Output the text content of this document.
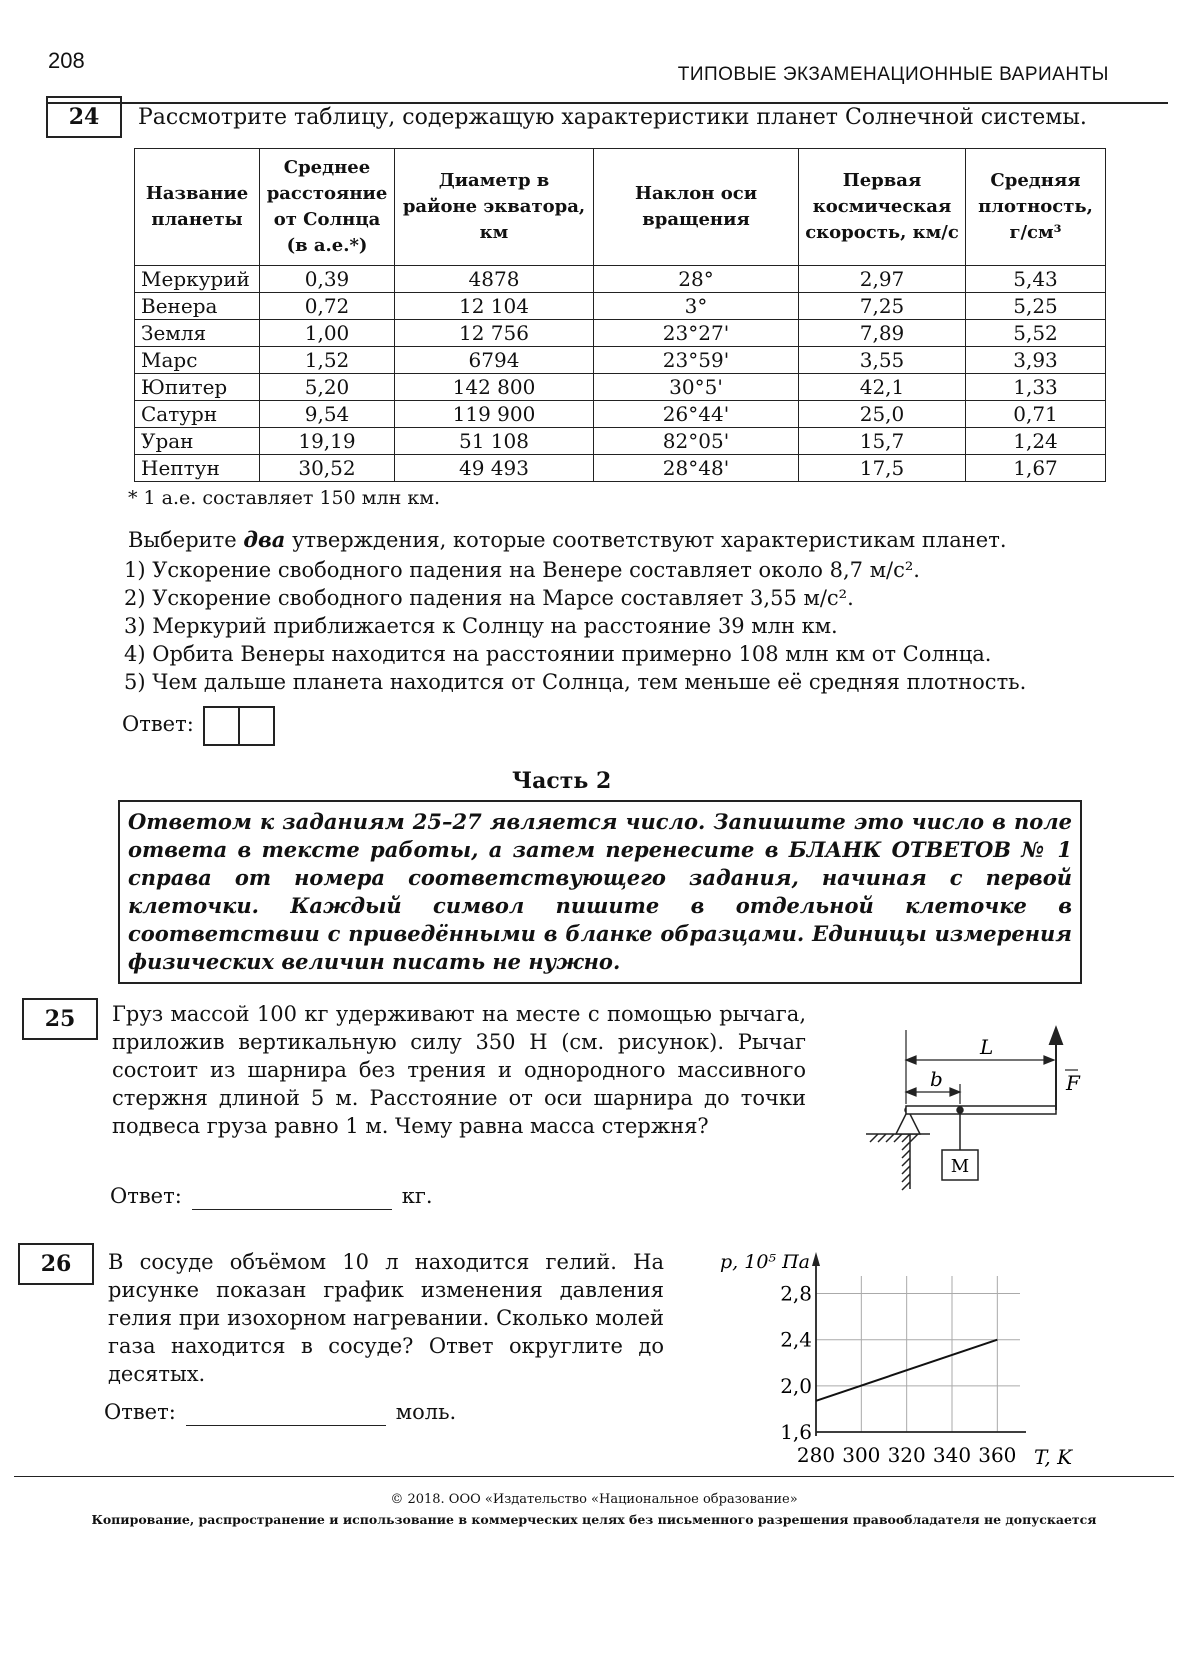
208
ТИПОВЫЕ ЭКЗАМЕНАЦИОННЫЕ ВАРИАНТЫ
24	Рассмотрите таблицу, содержащую характеристики планет Солнечной системы.
Название планеты	Среднее расстояние от Солнца (в а.е.*)	Диаметр в районе экватора, км	Наклон оси вращения	Первая космическая скорость, км/с	Средняя плотность, г/см³
Меркурий	0,39	4878	28°	2,97	5,43
Венера	0,72	12 104	3°	7,25	5,25
Земля	1,00	12 756	23°27'	7,89	5,52
Марс	1,52	6794	23°59'	3,55	3,93
Юпитер	5,20	142 800	30°5'	42,1	1,33
Сатурн	9,54	119 900	26°44'	25,0	0,71
Уран	19,19	51 108	82°05'	15,7	1,24
Нептун	30,52	49 493	28°48'	17,5	1,67
* 1 а.е. составляет 150 млн км.
Выберите два утверждения, которые соответствуют характеристикам планет.
1) Ускорение свободного падения на Венере составляет около 8,7 м/с².
2) Ускорение свободного падения на Марсе составляет 3,55 м/с².
3) Меркурий приближается к Солнцу на расстояние 39 млн км.
4) Орбита Венеры находится на расстоянии примерно 108 млн км от Солнца.
5) Чем дальше планета находится от Солнца, тем меньше её средняя плотность.
Ответ:
Часть 2
Ответом к заданиям 25–27 является число. Запишите это число в поле ответа в тексте работы, а затем перенесите в БЛАНК ОТВЕТОВ № 1 справа от номера соответствующего задания, начиная с первой клеточки. Каждый символ пишите в отдельной клеточке в соответствии с приведёнными в бланке образцами. Единицы измерения физических величин писать не нужно.
25	Груз массой 100 кг удерживают на месте с помощью рычага, приложив вертикальную силу 350 Н (см. рисунок). Рычаг состоит из шарнира без трения и однородного массивного стержня длиной 5 м. Расстояние от оси шарнира до точки подвеса груза равно 1 м. Чему равна масса стержня?
Ответ:	кг.
M
F
L
b
26	В сосуде объёмом 10 л находится гелий. На рисунке показан график изменения давления гелия при изохорном нагревании. Сколько молей газа находится в сосуде? Ответ округлите до десятых.
Ответ:	моль.
280 300 320 340 360
1,6
2,0
2,4
2,8
p, 10⁵ Па
T, K
© 2018. ООО «Издательство «Национальное образование»
Копирование, распространение и использование в коммерческих целях без письменного разрешения правообладателя не допускается
